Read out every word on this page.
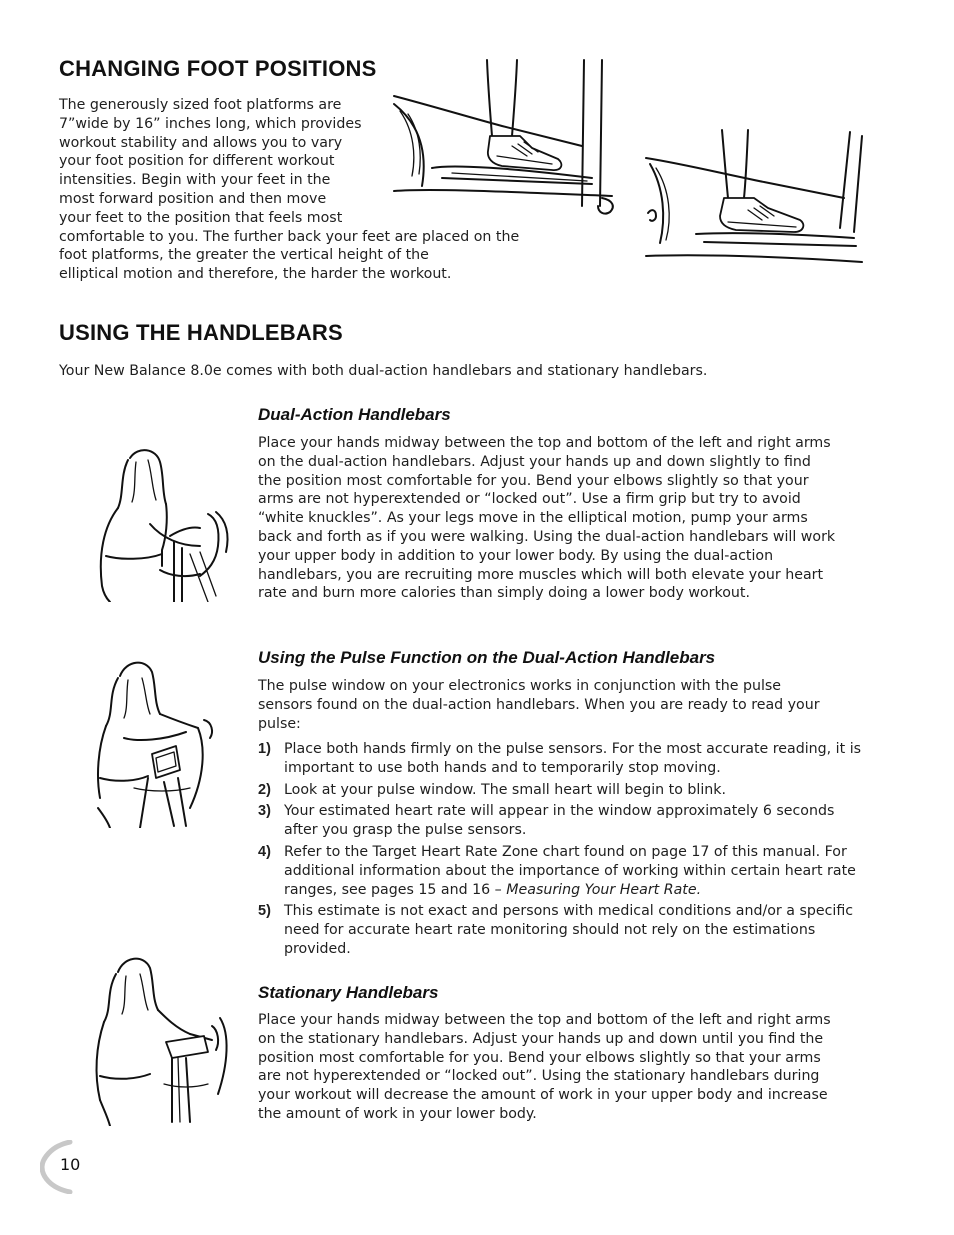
CHANGING FOOT POSITIONS
The generously sized foot platforms are
7”wide by 16” inches long, which provides
workout stability and allows you to vary
your foot position for different workout
intensities. Begin with your feet in the
most forward position and then move
your feet to the position that feels most
comfortable to you. The further back your feet are placed on the
foot platforms, the greater the vertical height of the
elliptical motion and therefore, the harder the workout.
USING THE HANDLEBARS
Your New Balance 8.0e comes with both dual-action handlebars and stationary handlebars.
Dual-Action Handlebars
Place your hands midway between the top and bottom of the left and right arms on the dual-action handlebars. Adjust your hands up and down slightly to find the position most comfortable for you. Bend your elbows slightly so that your arms are not hyperextended or “locked out”. Use a firm grip but try to avoid “white knuckles”. As your legs move in the elliptical motion, pump your arms back and forth as if you were walking. Using the dual-action handlebars will work your upper body in addition to your lower body. By using the dual-action handlebars, you are recruiting more muscles which will both elevate your heart rate and burn more calories than simply doing a lower body workout.
Using the Pulse Function on the Dual-Action Handlebars
The pulse window on your electronics works in conjunction with the pulse sensors found on the dual-action handlebars. When you are ready to read your pulse:
1) Place both hands firmly on the pulse sensors. For the most accurate reading, it is important to use both hands and to temporarily stop moving.
2) Look at your pulse window. The small heart will begin to blink.
3) Your estimated heart rate will appear in the window approximately 6 seconds after you grasp the pulse sensors.
4) Refer to the Target Heart Rate Zone chart found on page 17 of this manual. For additional information about the importance of working within certain heart rate ranges, see pages 15 and 16 – Measuring Your Heart Rate.
5) This estimate is not exact and persons with medical conditions and/or a specific need for accurate heart rate monitoring should not rely on the estimations provided.
Stationary Handlebars
Place your hands midway between the top and bottom of the left and right arms on the stationary handlebars. Adjust your hands up and down until you find the position most comfortable for you. Bend your elbows slightly so that your arms are not hyperextended or “locked out”. Using the stationary handlebars during your workout will decrease the amount of work in your upper body and increase the amount of work in your lower body.
10
